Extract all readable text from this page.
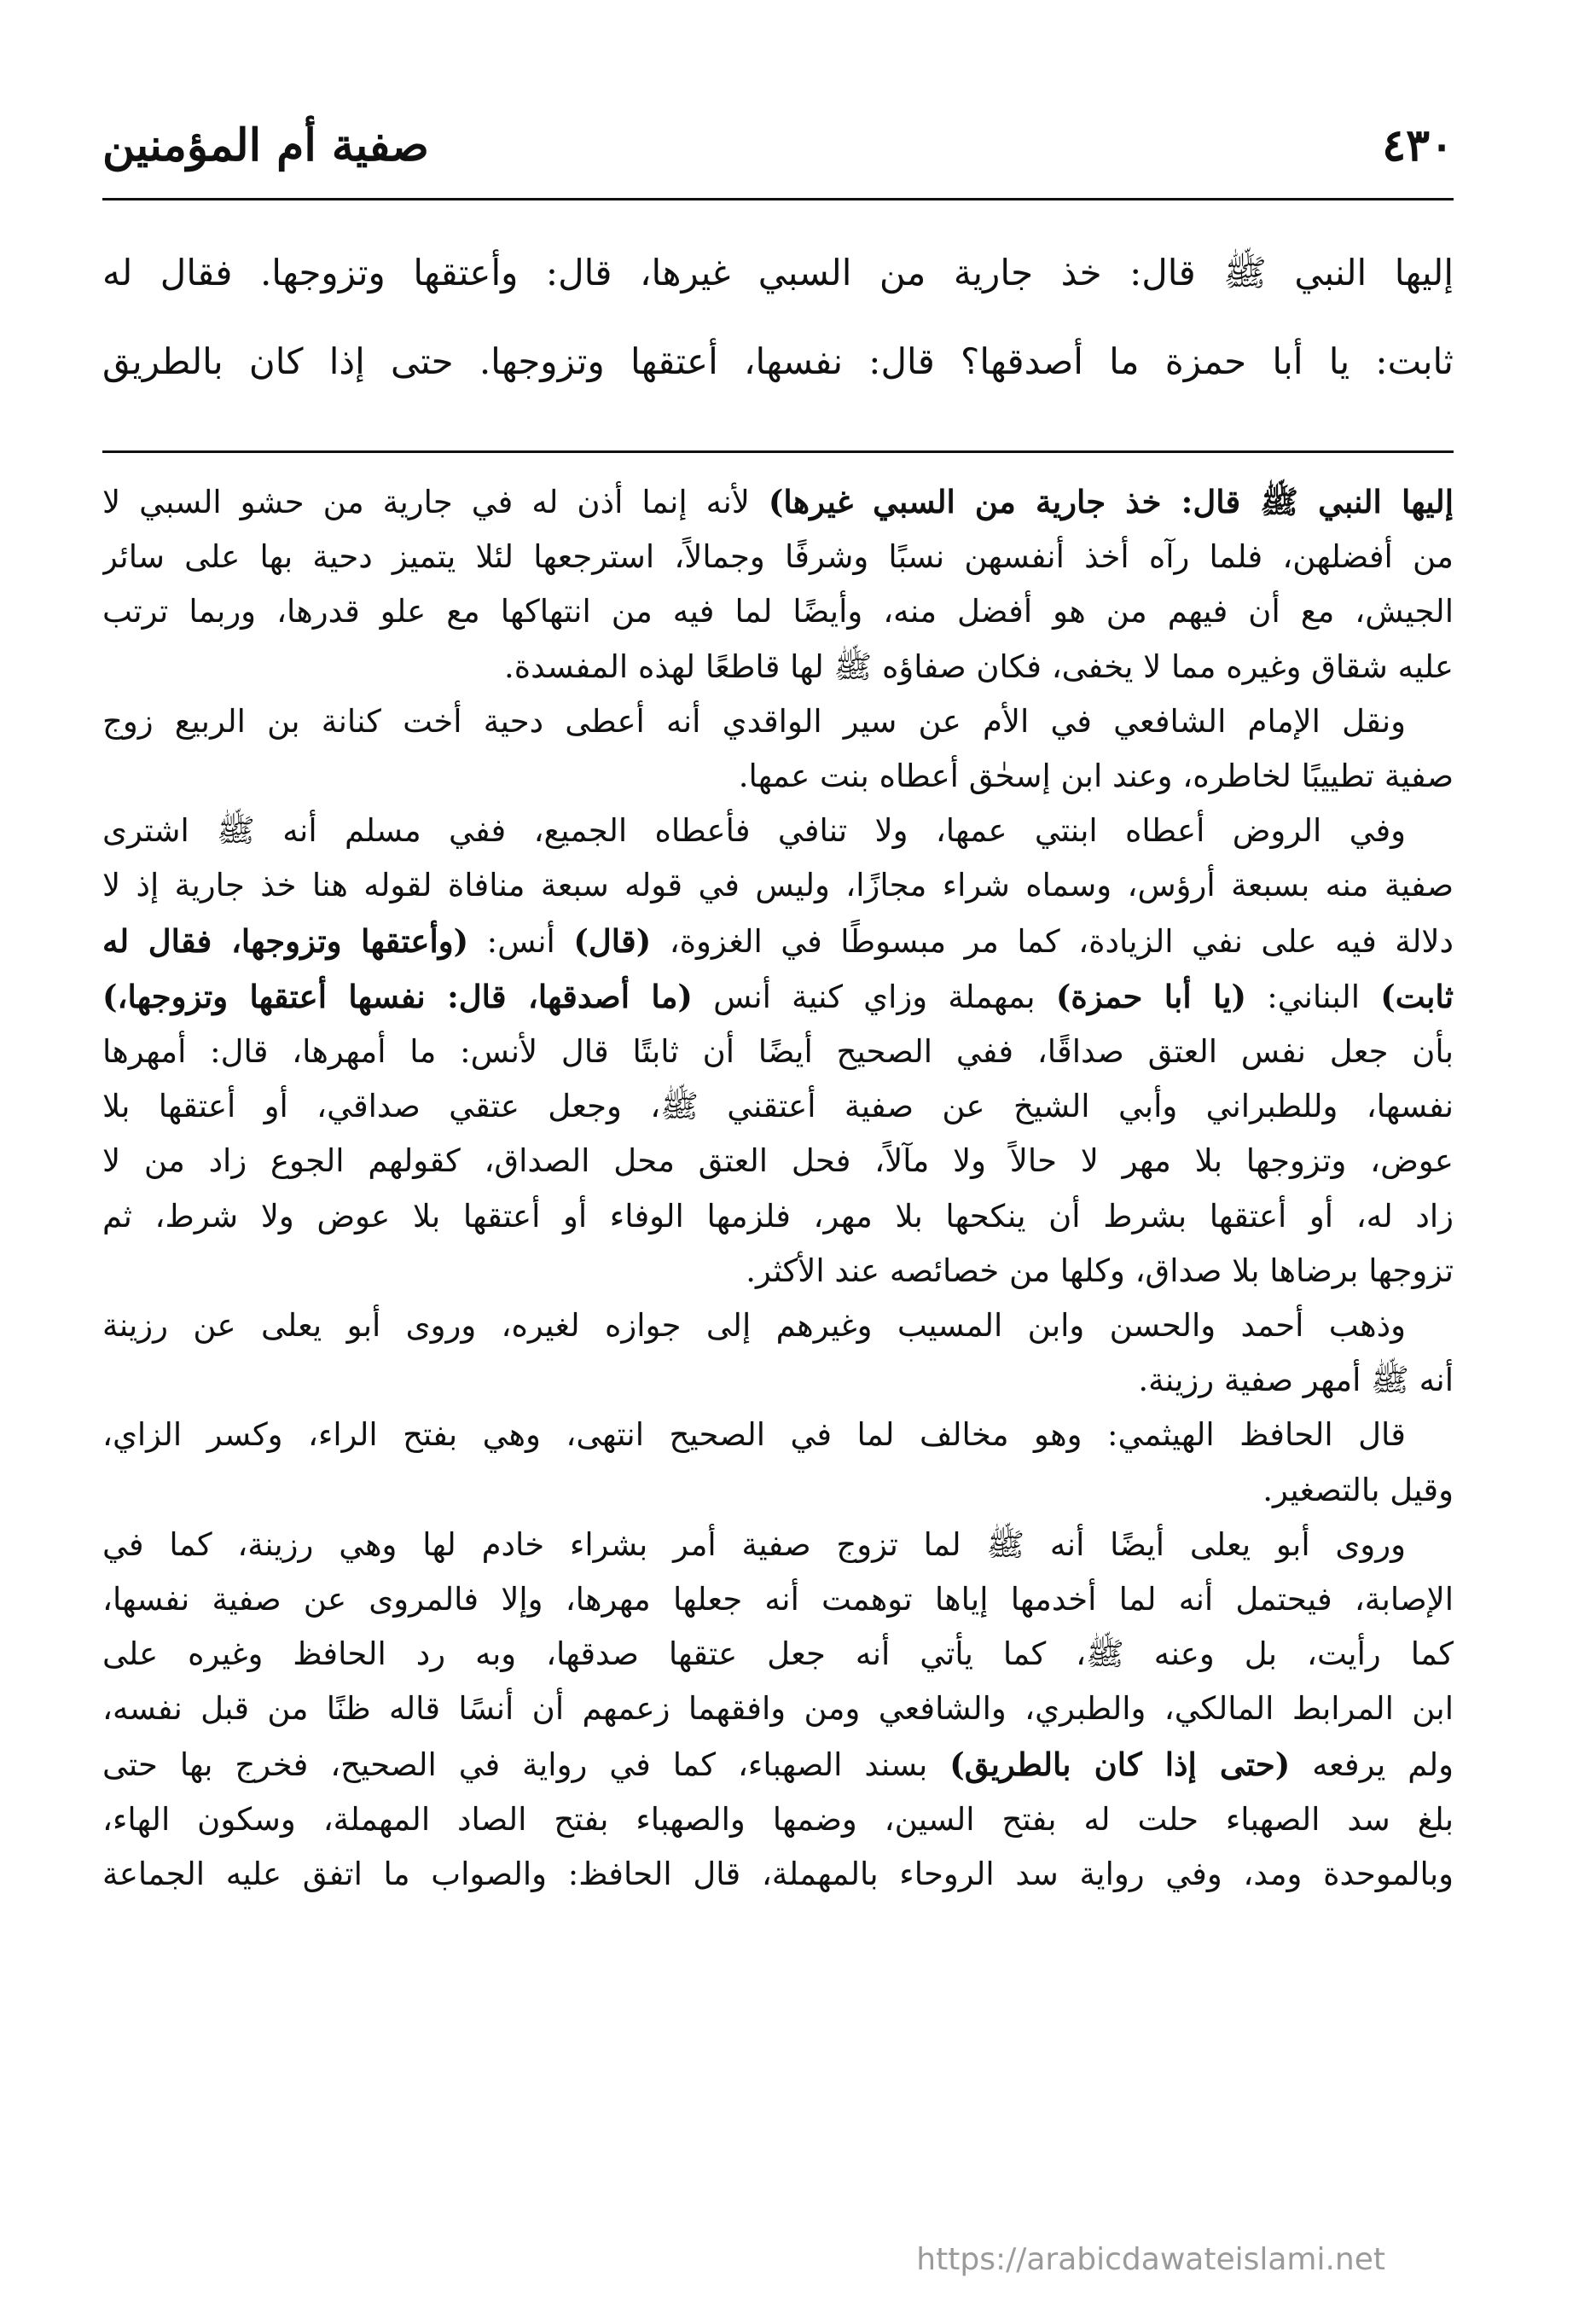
٤٣٠
صفية أم المؤمنين
إليها النبي ﷺ قال: خذ جارية من السبي غيرها، قال: وأعتقها وتزوجها. فقال له
ثابت: يا أبا حمزة ما أصدقها؟ قال: نفسها، أعتقها وتزوجها. حتى إذا كان بالطريق
إليها النبي ﷺ قال: خذ جارية من السبي غيرها) لأنه إنما أذن له في جارية من حشو السبي لا
من أفضلهن، فلما رآه أخذ أنفسهن نسبًا وشرفًا وجمالاً، استرجعها لئلا يتميز دحية بها على سائر
الجيش، مع أن فيهم من هو أفضل منه، وأيضًا لما فيه من انتهاكها مع علو قدرها، وربما ترتب
عليه شقاق وغيره مما لا يخفى، فكان صفاؤه ﷺ لها قاطعًا لهذه المفسدة.
ونقل الإمام الشافعي في الأم عن سير الواقدي أنه أعطى دحية أخت كنانة بن الربيع زوج
صفية تطييبًا لخاطره، وعند ابن إسحٰق أعطاه بنت عمها.
وفي الروض أعطاه ابنتي عمها، ولا تنافي فأعطاه الجميع، ففي مسلم أنه ﷺ اشترى
صفية منه بسبعة أرؤس، وسماه شراء مجازًا، وليس في قوله سبعة منافاة لقوله هنا خذ جارية إذ لا
دلالة فيه على نفي الزيادة، كما مر مبسوطًا في الغزوة، (قال) أنس: (وأعتقها وتزوجها، فقال له
ثابت) البناني: (يا أبا حمزة) بمهملة وزاي كنية أنس (ما أصدقها، قال: نفسها أعتقها وتزوجها،)
بأن جعل نفس العتق صداقًا، ففي الصحيح أيضًا أن ثابتًا قال لأنس: ما أمهرها، قال: أمهرها
نفسها، وللطبراني وأبي الشيخ عن صفية أعتقني ﷺ، وجعل عتقي صداقي، أو أعتقها بلا
عوض، وتزوجها بلا مهر لا حالاً ولا مآلاً، فحل العتق محل الصداق، كقولهم الجوع زاد من لا
زاد له، أو أعتقها بشرط أن ينكحها بلا مهر، فلزمها الوفاء أو أعتقها بلا عوض ولا شرط، ثم
تزوجها برضاها بلا صداق، وكلها من خصائصه عند الأكثر.
وذهب أحمد والحسن وابن المسيب وغيرهم إلى جوازه لغيره، وروى أبو يعلى عن رزينة
أنه ﷺ أمهر صفية رزينة.
قال الحافظ الهيثمي: وهو مخالف لما في الصحيح انتهى، وهي بفتح الراء، وكسر الزاي،
وقيل بالتصغير.
وروى أبو يعلى أيضًا أنه ﷺ لما تزوج صفية أمر بشراء خادم لها وهي رزينة، كما في
الإصابة، فيحتمل أنه لما أخدمها إياها توهمت أنه جعلها مهرها، وإلا فالمروى عن صفية نفسها،
كما رأيت، بل وعنه ﷺ، كما يأتي أنه جعل عتقها صدقها، وبه رد الحافظ وغيره على
ابن المرابط المالكي، والطبري، والشافعي ومن وافقهما زعمهم أن أنسًا قاله ظنًا من قبل نفسه،
ولم يرفعه (حتى إذا كان بالطريق) بسند الصهباء، كما في رواية في الصحيح، فخرج بها حتى
بلغ سد الصهباء حلت له بفتح السين، وضمها والصهباء بفتح الصاد المهملة، وسكون الهاء،
وبالموحدة ومد، وفي رواية سد الروحاء بالمهملة، قال الحافظ: والصواب ما اتفق عليه الجماعة
https://arabicdawateislami.net
